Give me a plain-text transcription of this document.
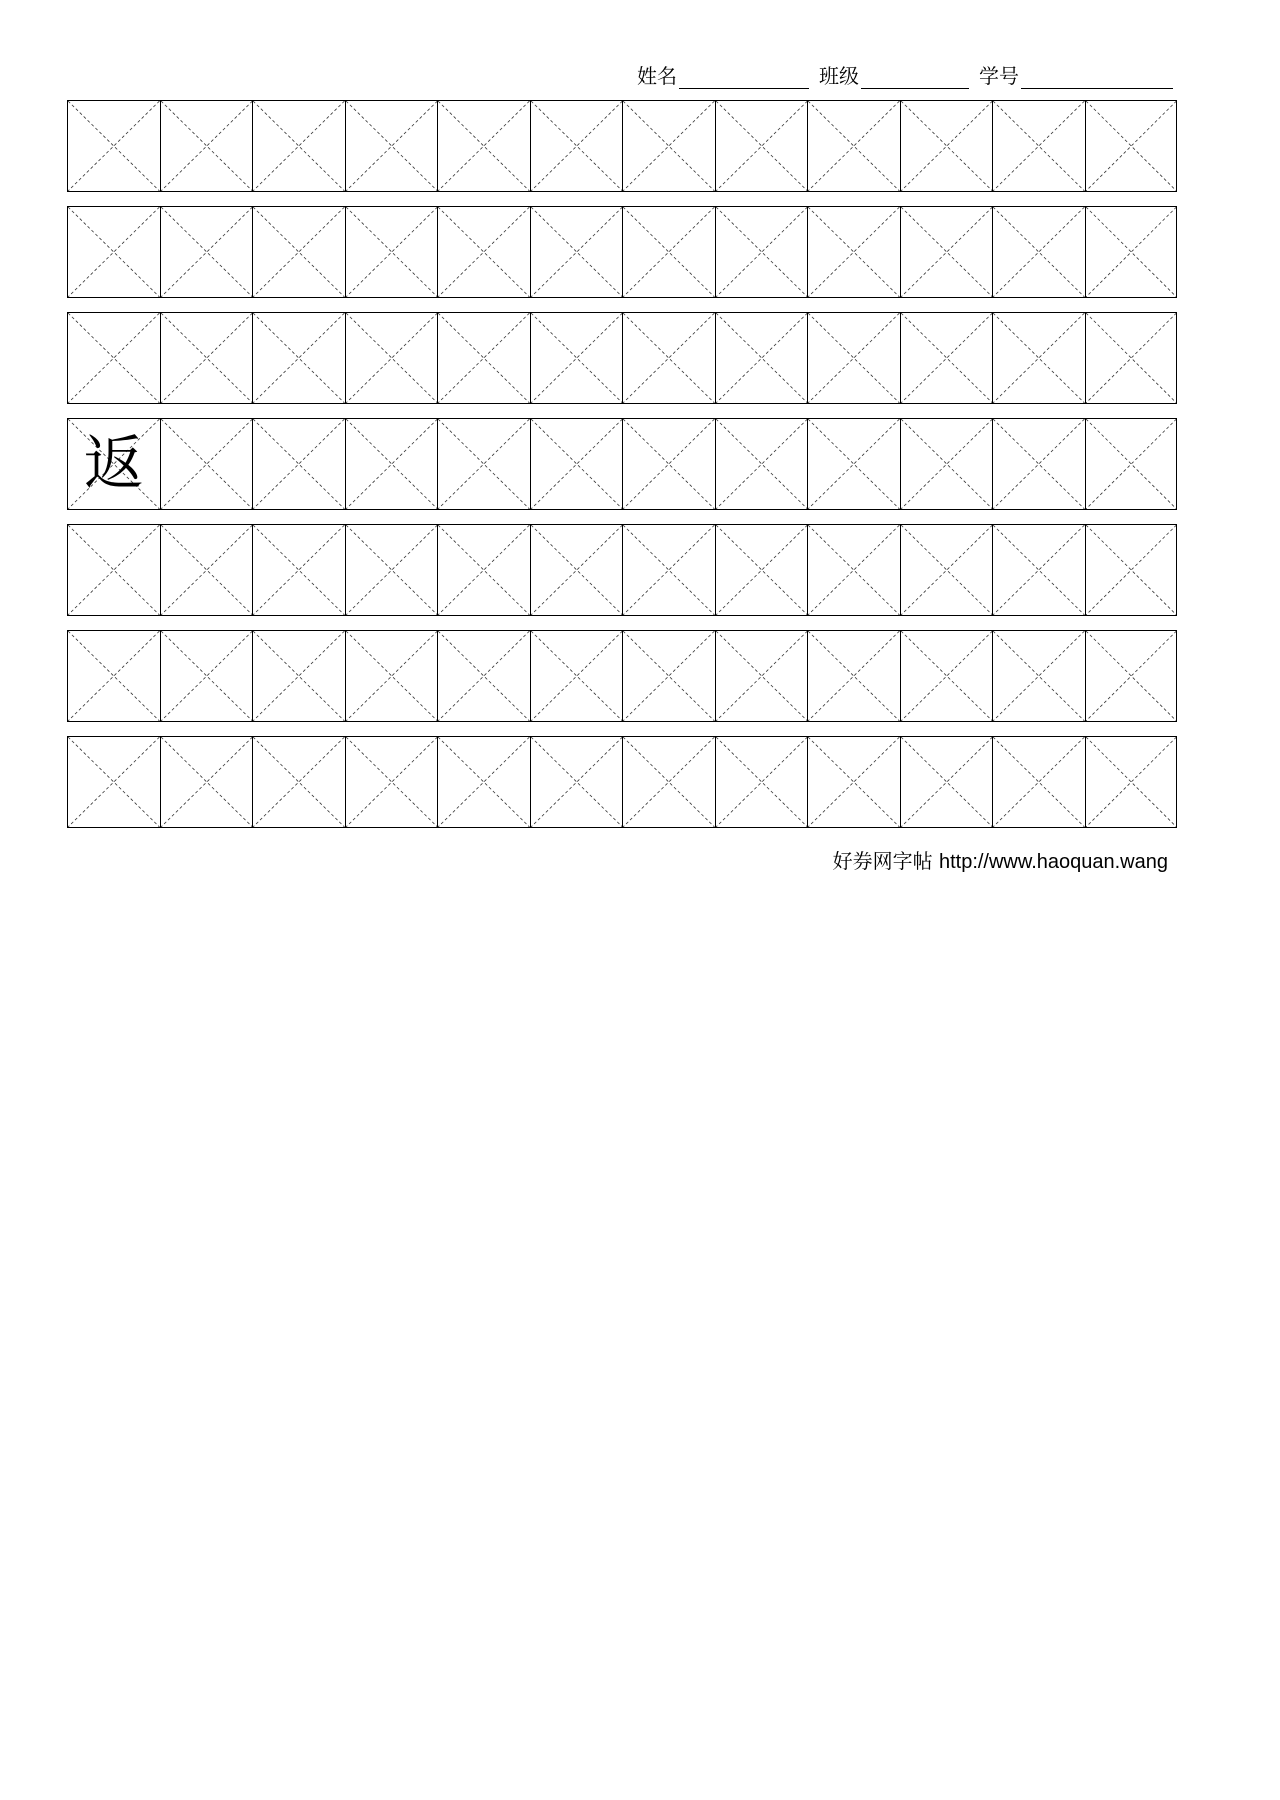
姓名	班级	学号
返
好券网字帖 http://www.haoquan.wang
